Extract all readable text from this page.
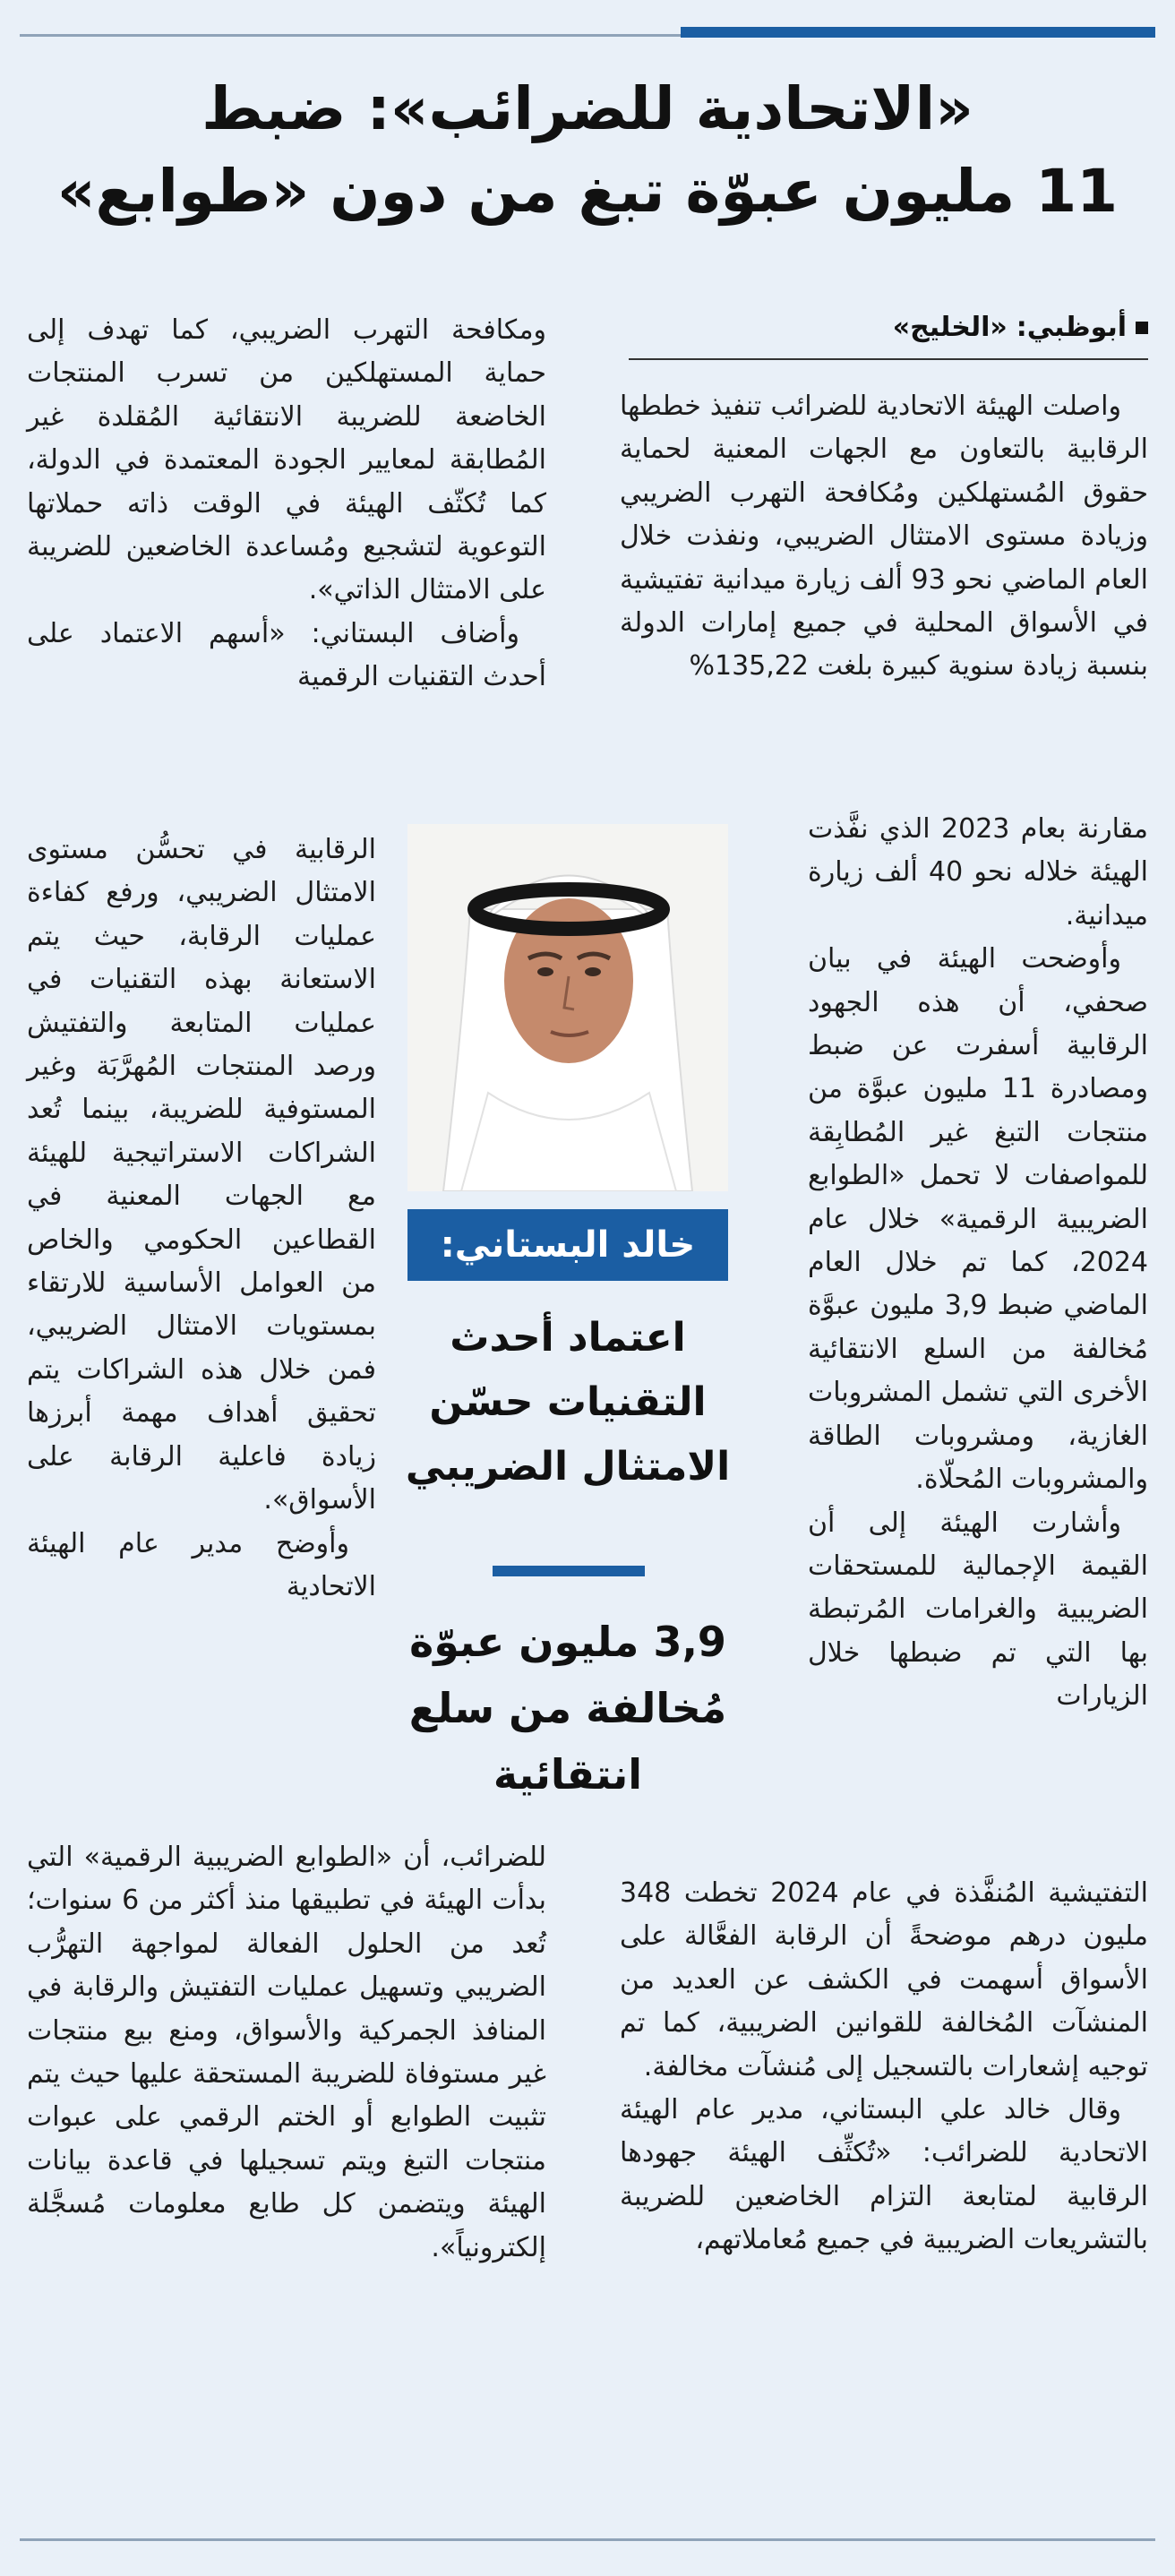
«الاتحادية للضرائب»: ضبط
11 مليون عبوّة تبغ من دون «طوابع»
أبوظبي:
«الخليج»

واصلت الهيئة الاتحادية للضرائب تنفيذ خططها الرقابية بالتعاون مع الجهات المعنية لحماية حقوق المُستهلكين ومُكافحة التهرب الضريبي وزيادة مستوى الامتثال الضريبي، ونفذت خلال العام الماضي نحو 93 ألف زيارة ميدانية تفتيشية في الأسواق المحلية في جميع إمارات الدولة بنسبة زيادة سنوية كبيرة بلغت 135,22%

مقارنة بعام 2023 الذي نفَّذت الهيئة خلاله نحو 40 ألف زيارة ميدانية.

وأوضحت الهيئة في بيان صحفي، أن هذه الجهود الرقابية أسفرت عن ضبط ومصادرة 11 مليون عبوَّة من منتجات التبغ غير المُطابِقة للمواصفات لا تحمل «الطوابع الضريبية الرقمية» خلال عام 2024، كما تم خلال العام الماضي ضبط 3,9 مليون عبوَّة مُخالفة من السلع الانتقائية الأخرى التي تشمل المشروبات الغازية، ومشروبات الطاقة والمشروبات المُحلّاة.

وأشارت الهيئة إلى أن القيمة الإجمالية للمستحقات الضريبية والغرامات المُرتبطة بها التي تم ضبطها خلال الزيارات

التفتيشية المُنفَّذة في عام 2024 تخطت 348 مليون درهم موضحةً أن الرقابة الفعَّالة على الأسواق أسهمت في الكشف عن العديد من المنشآت المُخالفة للقوانين الضريبية، كما تم توجيه إشعارات بالتسجيل إلى مُنشآت مخالفة.

وقال خالد علي البستاني، مدير عام الهيئة الاتحادية للضرائب: «تُكثِّف الهيئة جهودها الرقابية لمتابعة التزام الخاضعين للضريبة بالتشريعات الضريبية في جميع مُعاملاتهم،

ومكافحة التهرب الضريبي، كما تهدف إلى حماية المستهلكين من تسرب المنتجات الخاضعة للضريبة الانتقائية المُقلدة غير المُطابقة لمعايير الجودة المعتمدة في الدولة، كما تُكثّف الهيئة في الوقت ذاته حملاتها التوعوية لتشجيع ومُساعدة الخاضعين للضريبة على الامتثال الذاتي».

وأضاف البستاني: «أسهم الاعتماد على أحدث التقنيات الرقمية

الرقابية في تحسُّن مستوى الامتثال الضريبي، ورفع كفاءة عمليات الرقابة، حيث يتم الاستعانة بهذه التقنيات في عمليات المتابعة والتفتيش ورصد المنتجات المُهرَّبَة وغير المستوفية للضريبة، بينما تُعد الشراكات الاستراتيجية للهيئة مع الجهات المعنية في القطاعين الحكومي والخاص من العوامل الأساسية للارتقاء بمستويات الامتثال الضريبي، فمن خلال هذه الشراكات يتم تحقيق أهداف مهمة أبرزها زيادة فاعلية الرقابة على الأسواق».

وأوضح مدير عام الهيئة الاتحادية

للضرائب، أن «الطوابع الضريبية الرقمية» التي بدأت الهيئة في تطبيقها منذ أكثر من 6 سنوات؛ تُعد من الحلول الفعالة لمواجهة التهرُّب الضريبي وتسهيل عمليات التفتيش والرقابة في المنافذ الجمركية والأسواق، ومنع بيع منتجات غير مستوفاة للضريبة المستحقة عليها حيث يتم تثبيت الطوابع أو الختم الرقمي على عبوات منتجات التبغ ويتم تسجيلها في قاعدة بيانات الهيئة ويتضمن كل طابع معلومات مُسجَّلة إلكترونياً».

خالد البستاني:
اعتماد أحدث التقنيات حسّن الامتثال الضريبي
3,9 مليون عبوّة مُخالفة من سلع انتقائية
